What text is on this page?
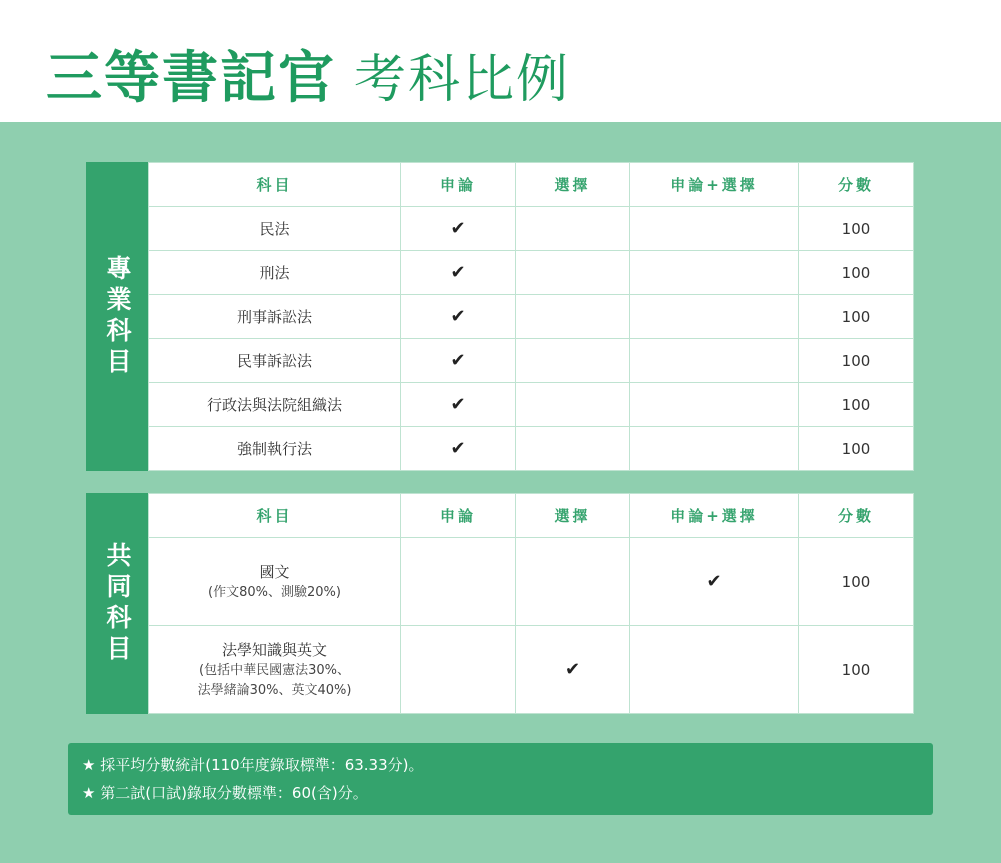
三等書記官 考科比例
專業科目
科目	申論	選擇	申論+選擇	分數
民法	✔			100
刑法	✔			100
刑事訴訟法	✔			100
民事訴訟法	✔			100
行政法與法院組織法	✔			100
強制執行法	✔			100
共同科目
科目	申論	選擇	申論+選擇	分數

國文
(作文80%、測驗20%)			✔	100

法學知識與英文
(包括中華民國憲法30%、
法學緒論30%、英文40%)		✔		100
★ 採平均分數統計(110年度錄取標準：63.33分)。
★ 第二試(口試)錄取分數標準：60(含)分。
